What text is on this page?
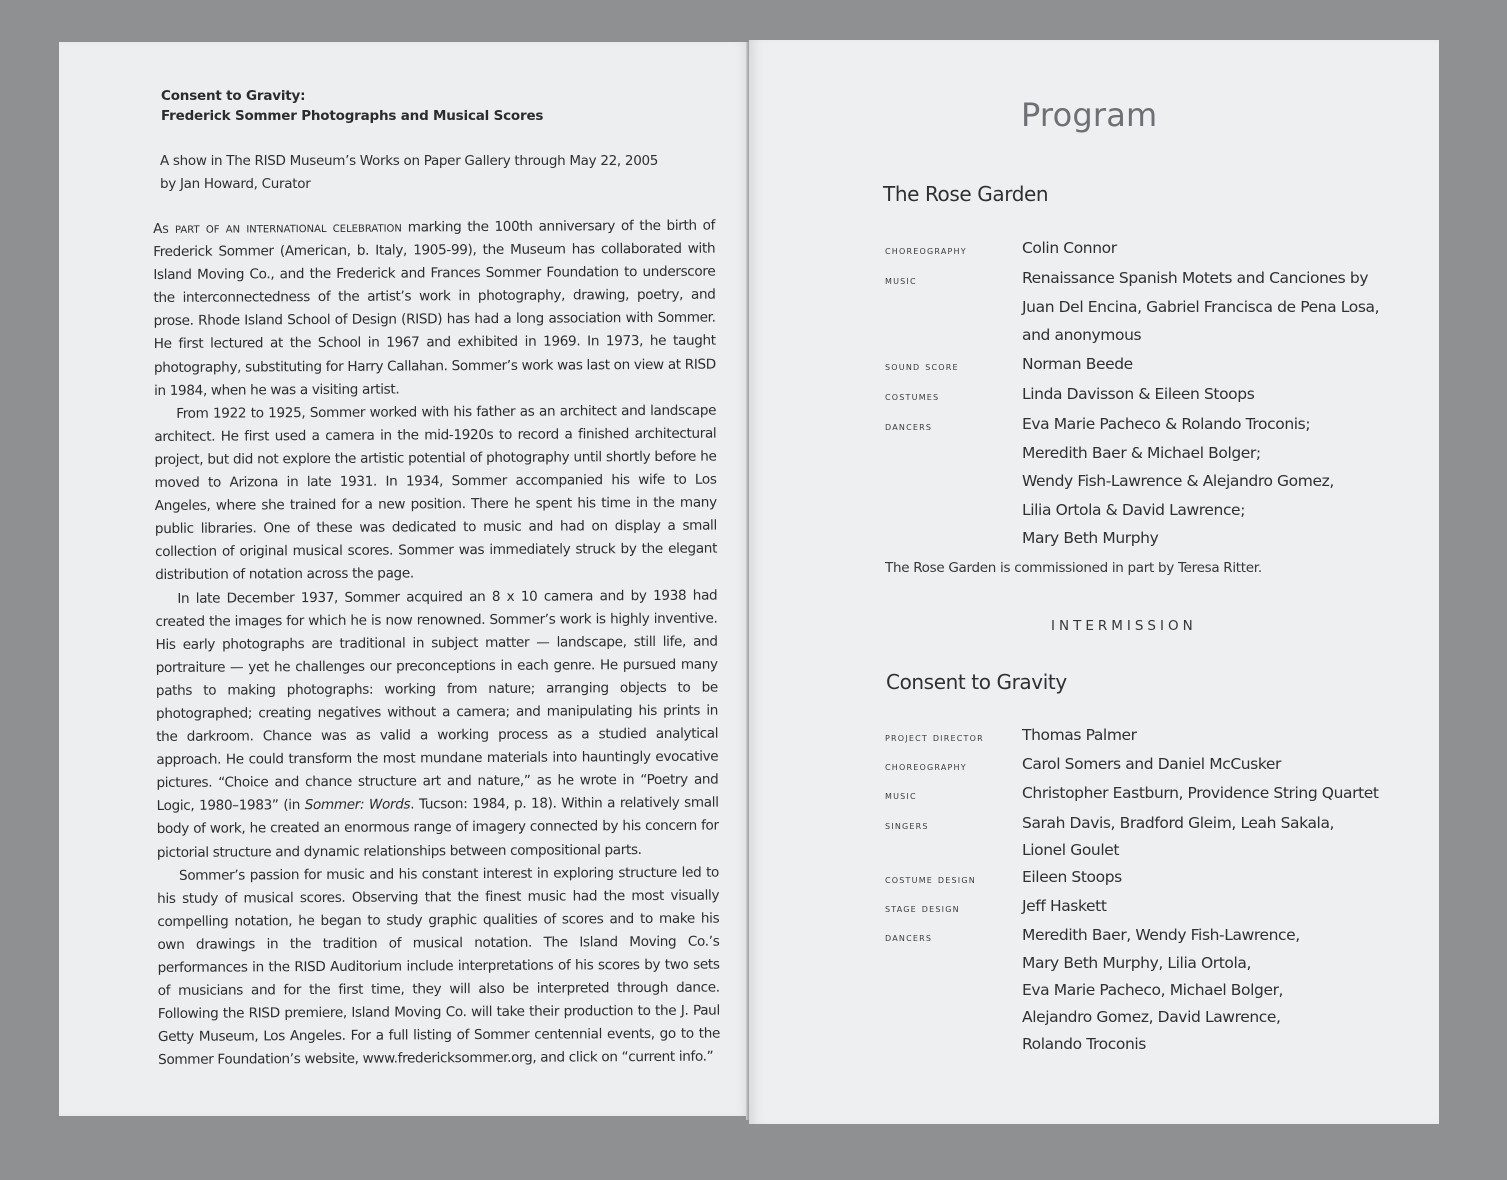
Consent to Gravity:
Frederick Sommer Photographs and Musical Scores
A show in The RISD Museum’s Works on Paper Gallery through May 22, 2005
by Jan Howard, Curator

As part of an international celebration marking the 100th anniversary of the birth of Frederick Sommer (American, b. Italy, 1905-99), the Museum has collaborated with Island Moving Co., and the Frederick and Frances Sommer Foundation to underscore the interconnectedness of the artist’s work in photography, drawing, poetry, and prose. Rhode Island School of Design (RISD) has had a long association with Sommer. He first lectured at the School in 1967 and exhibited in 1969. In 1973, he taught photography, substituting for Harry Callahan. Sommer’s work was last on view at RISD in 1984, when he was a visiting artist.

From 1922 to 1925, Sommer worked with his father as an architect and landscape architect. He first used a camera in the mid-1920s to record a finished architectural project, but did not explore the artistic potential of photography until shortly before he moved to Arizona in late 1931. In 1934, Sommer accompanied his wife to Los Angeles, where she trained for a new position. There he spent his time in the many public libraries. One of these was dedicated to music and had on display a small collection of original musical scores. Sommer was immediately struck by the elegant distribution of notation across the page.

In late December 1937, Sommer acquired an 8 x 10 camera and by 1938 had created the images for which he is now renowned. Sommer’s work is highly inventive. His early photographs are traditional in subject matter — landscape, still life, and portraiture — yet he challenges our preconceptions in each genre. He pursued many paths to making photographs: working from nature; arranging objects to be photographed; creating negatives without a camera; and manipulating his prints in the darkroom. Chance was as valid a working process as a studied analytical approach. He could transform the most mundane materials into hauntingly evocative pictures. “Choice and chance structure art and nature,” as he wrote in “Poetry and Logic, 1980–1983” (in Sommer: Words. Tucson: 1984, p. 18). Within a relatively small body of work, he created an enormous range of imagery connected by his concern for pictorial structure and dynamic relationships between compositional parts.

Sommer’s passion for music and his constant interest in exploring structure led to his study of musical scores. Observing that the finest music had the most visually compelling notation, he began to study graphic qualities of scores and to make his own drawings in the tradition of musical notation. The Island Moving Co.’s performances in the RISD Auditorium include interpretations of his scores by two sets of musicians and for the first time, they will also be interpreted through dance. Following the RISD premiere, Island Moving Co. will take their production to the J. Paul Getty Museum, Los Angeles. For a full listing of Sommer centennial events, go to the Sommer Foundation’s website, www.fredericksommer.org, and click on “current info.”

Program
The Rose Garden
choreography	Colin Connor
music	Renaissance Spanish Motets and Canciones by
Juan Del Encina, Gabriel Francisca de Pena Losa,
and anonymous
sound score	Norman Beede
costumes	Linda Davisson & Eileen Stoops
dancers	Eva Marie Pacheco & Rolando Troconis;
Meredith Baer & Michael Bolger;
Wendy Fish-Lawrence & Alejandro Gomez,
Lilia Ortola & David Lawrence;
Mary Beth Murphy
The Rose Garden is commissioned in part by Teresa Ritter.
INTERMISSION
Consent to Gravity
project director	Thomas Palmer
choreography	Carol Somers and Daniel McCusker
music	Christopher Eastburn, Providence String Quartet
singers	Sarah Davis, Bradford Gleim, Leah Sakala,
Lionel Goulet
costume design	Eileen Stoops
stage design	Jeff Haskett
dancers	Meredith Baer, Wendy Fish-Lawrence,
Mary Beth Murphy, Lilia Ortola,
Eva Marie Pacheco, Michael Bolger,
Alejandro Gomez, David Lawrence,
Rolando Troconis
